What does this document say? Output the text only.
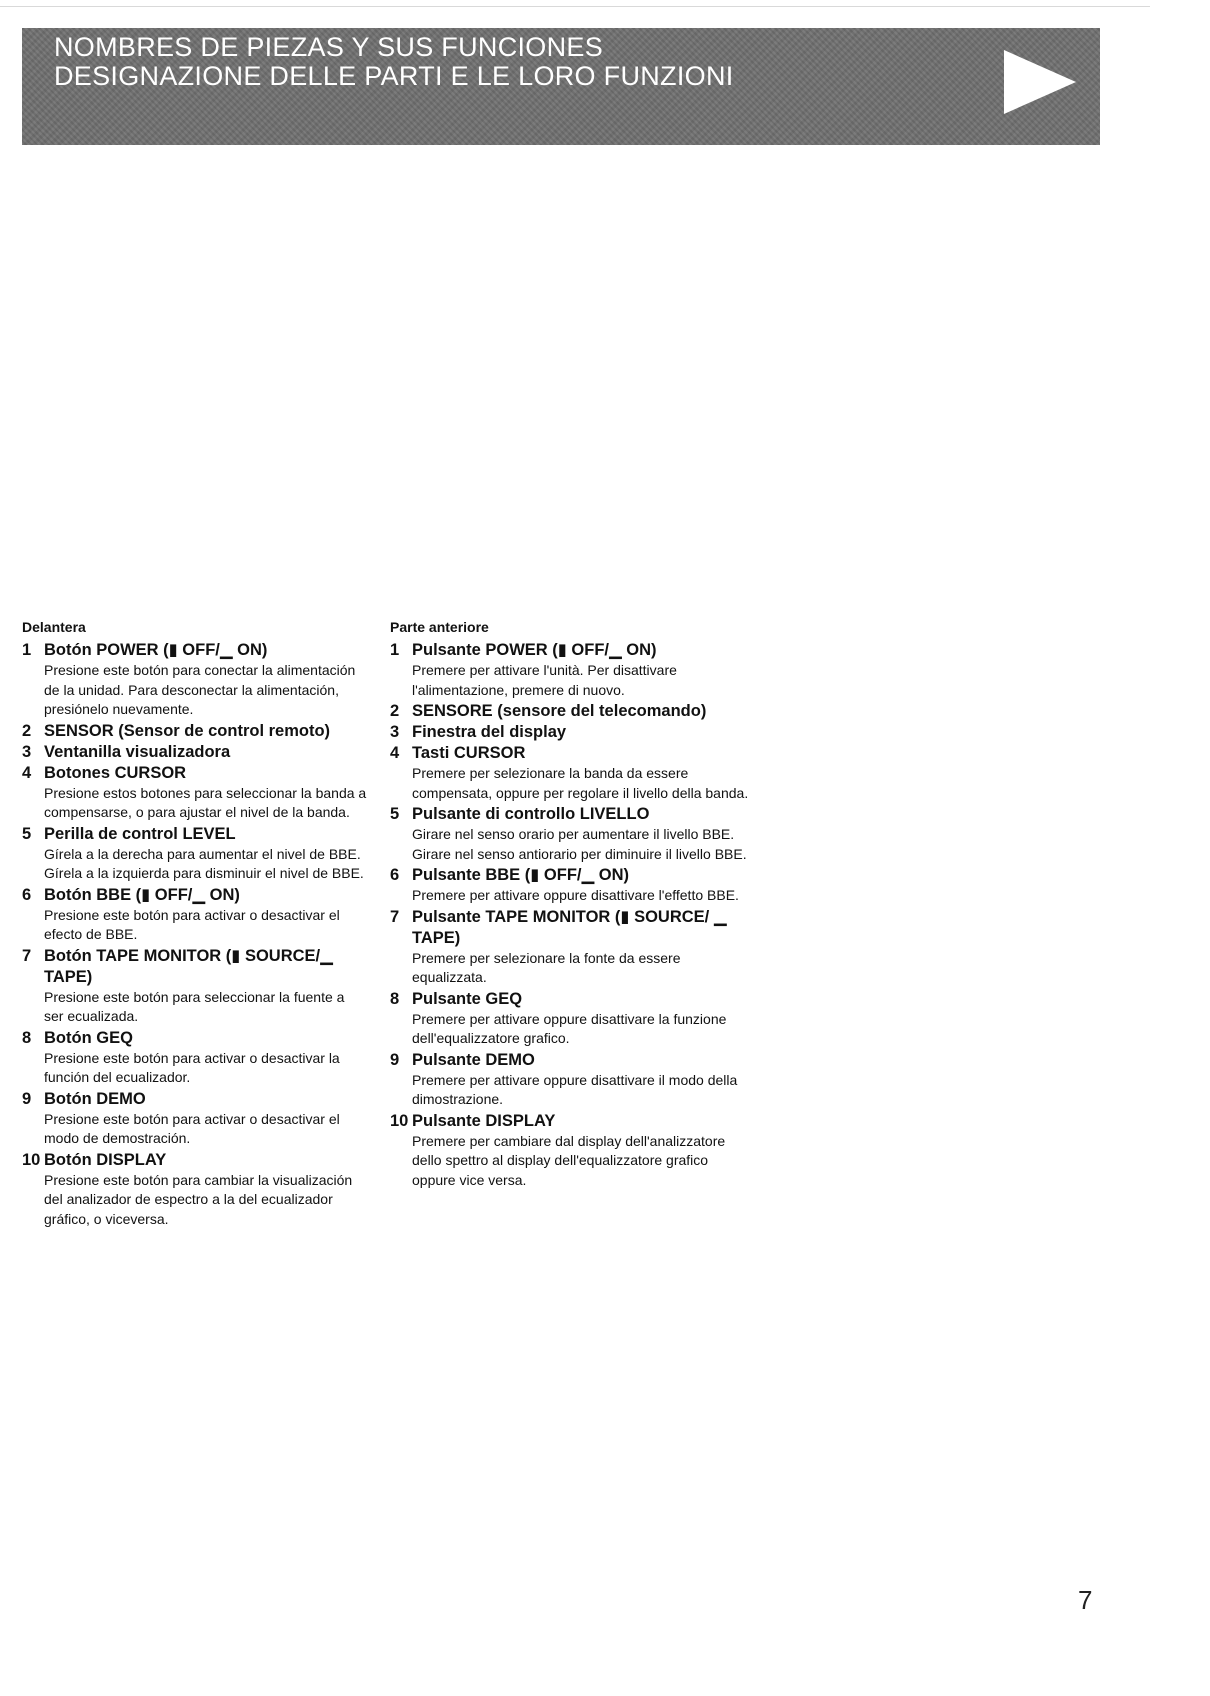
NOMBRES DE PIEZAS Y SUS FUNCIONES
DESIGNAZIONE DELLE PARTI E LE LORO FUNZIONI
Delantera
1 Botón POWER (▮ OFF/▁ ON)
Presione este botón para conectar la alimentación de la unidad. Para desconectar la alimentación, presiónelo nuevamente.
2 SENSOR (Sensor de control remoto)
3 Ventanilla visualizadora
4 Botones CURSOR
Presione estos botones para seleccionar la banda a compensarse, o para ajustar el nivel de la banda.
5 Perilla de control LEVEL
Gírela a la derecha para aumentar el nivel de BBE. Gírela a la izquierda para disminuir el nivel de BBE.
6 Botón BBE (▮ OFF/▁ ON)
Presione este botón para activar o desactivar el efecto de BBE.
7 Botón TAPE MONITOR (▮ SOURCE/▁ TAPE)
Presione este botón para seleccionar la fuente a ser ecualizada.
8 Botón GEQ
Presione este botón para activar o desactivar la función del ecualizador.
9 Botón DEMO
Presione este botón para activar o desactivar el modo de demostración.
10 Botón DISPLAY
Presione este botón para cambiar la visualización del analizador de espectro a la del ecualizador gráfico, o viceversa.
Parte anteriore
1 Pulsante POWER (▮ OFF/▁ ON)
Premere per attivare l'unità. Per disattivare l'alimentazione, premere di nuovo.
2 SENSORE (sensore del telecomando)
3 Finestra del display
4 Tasti CURSOR
Premere per selezionare la banda da essere compensata, oppure per regolare il livello della banda.
5 Pulsante di controllo LIVELLO
Girare nel senso orario per aumentare il livello BBE. Girare nel senso antiorario per diminuire il livello BBE.
6 Pulsante BBE (▮ OFF/▁ ON)
Premere per attivare oppure disattivare l'effetto BBE.
7 Pulsante TAPE MONITOR (▮ SOURCE/ ▁ TAPE)
Premere per selezionare la fonte da essere equalizzata.
8 Pulsante GEQ
Premere per attivare oppure disattivare la funzione dell'equalizzatore grafico.
9 Pulsante DEMO
Premere per attivare oppure disattivare il modo della dimostrazione.
10 Pulsante DISPLAY
Premere per cambiare dal display dell'analizzatore dello spettro al display dell'equalizzatore grafico oppure vice versa.
7
